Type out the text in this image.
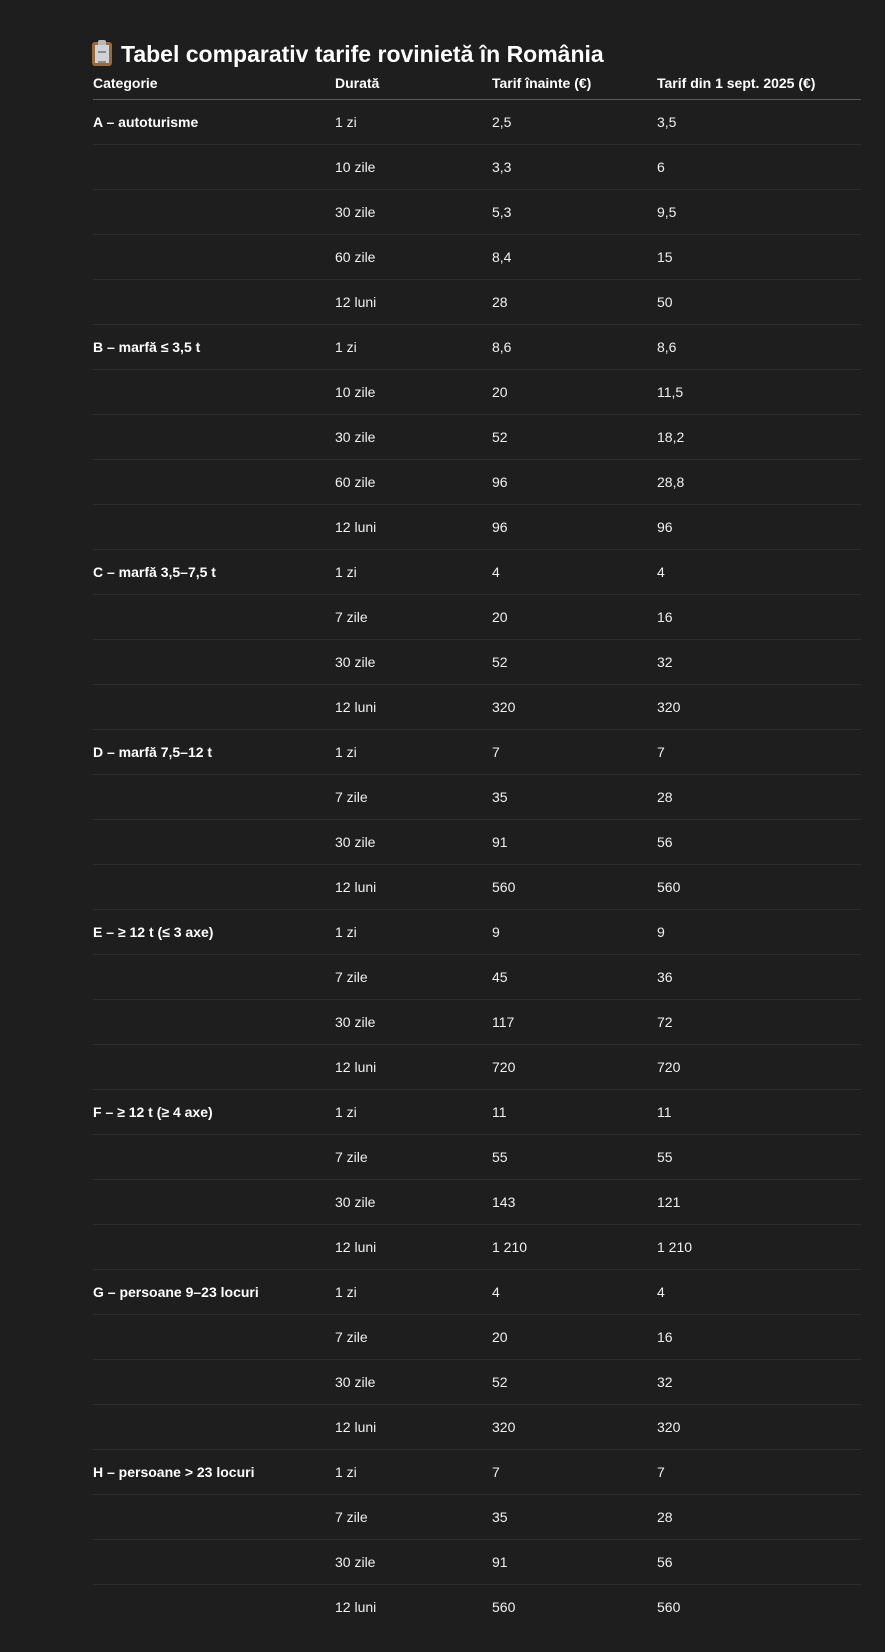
Tabel comparativ tarife rovinietă în România
Categorie	Durată	Tarif înainte (€)	Tarif din 1 sept. 2025 (€)
A – autoturisme	1 zi	2,5	3,5
	10 zile	3,3	6
	30 zile	5,3	9,5
	60 zile	8,4	15
	12 luni	28	50
B – marfă ≤ 3,5 t	1 zi	8,6	8,6
	10 zile	20	11,5
	30 zile	52	18,2
	60 zile	96	28,8
	12 luni	96	96
C – marfă 3,5–7,5 t	1 zi	4	4
	7 zile	20	16
	30 zile	52	32
	12 luni	320	320
D – marfă 7,5–12 t	1 zi	7	7
	7 zile	35	28
	30 zile	91	56
	12 luni	560	560
E – ≥ 12 t (≤ 3 axe)	1 zi	9	9
	7 zile	45	36
	30 zile	117	72
	12 luni	720	720
F – ≥ 12 t (≥ 4 axe)	1 zi	11	11
	7 zile	55	55
	30 zile	143	121
	12 luni	1 210	1 210
G – persoane 9–23 locuri	1 zi	4	4
	7 zile	20	16
	30 zile	52	32
	12 luni	320	320
H – persoane > 23 locuri	1 zi	7	7
	7 zile	35	28
	30 zile	91	56
	12 luni	560	560
